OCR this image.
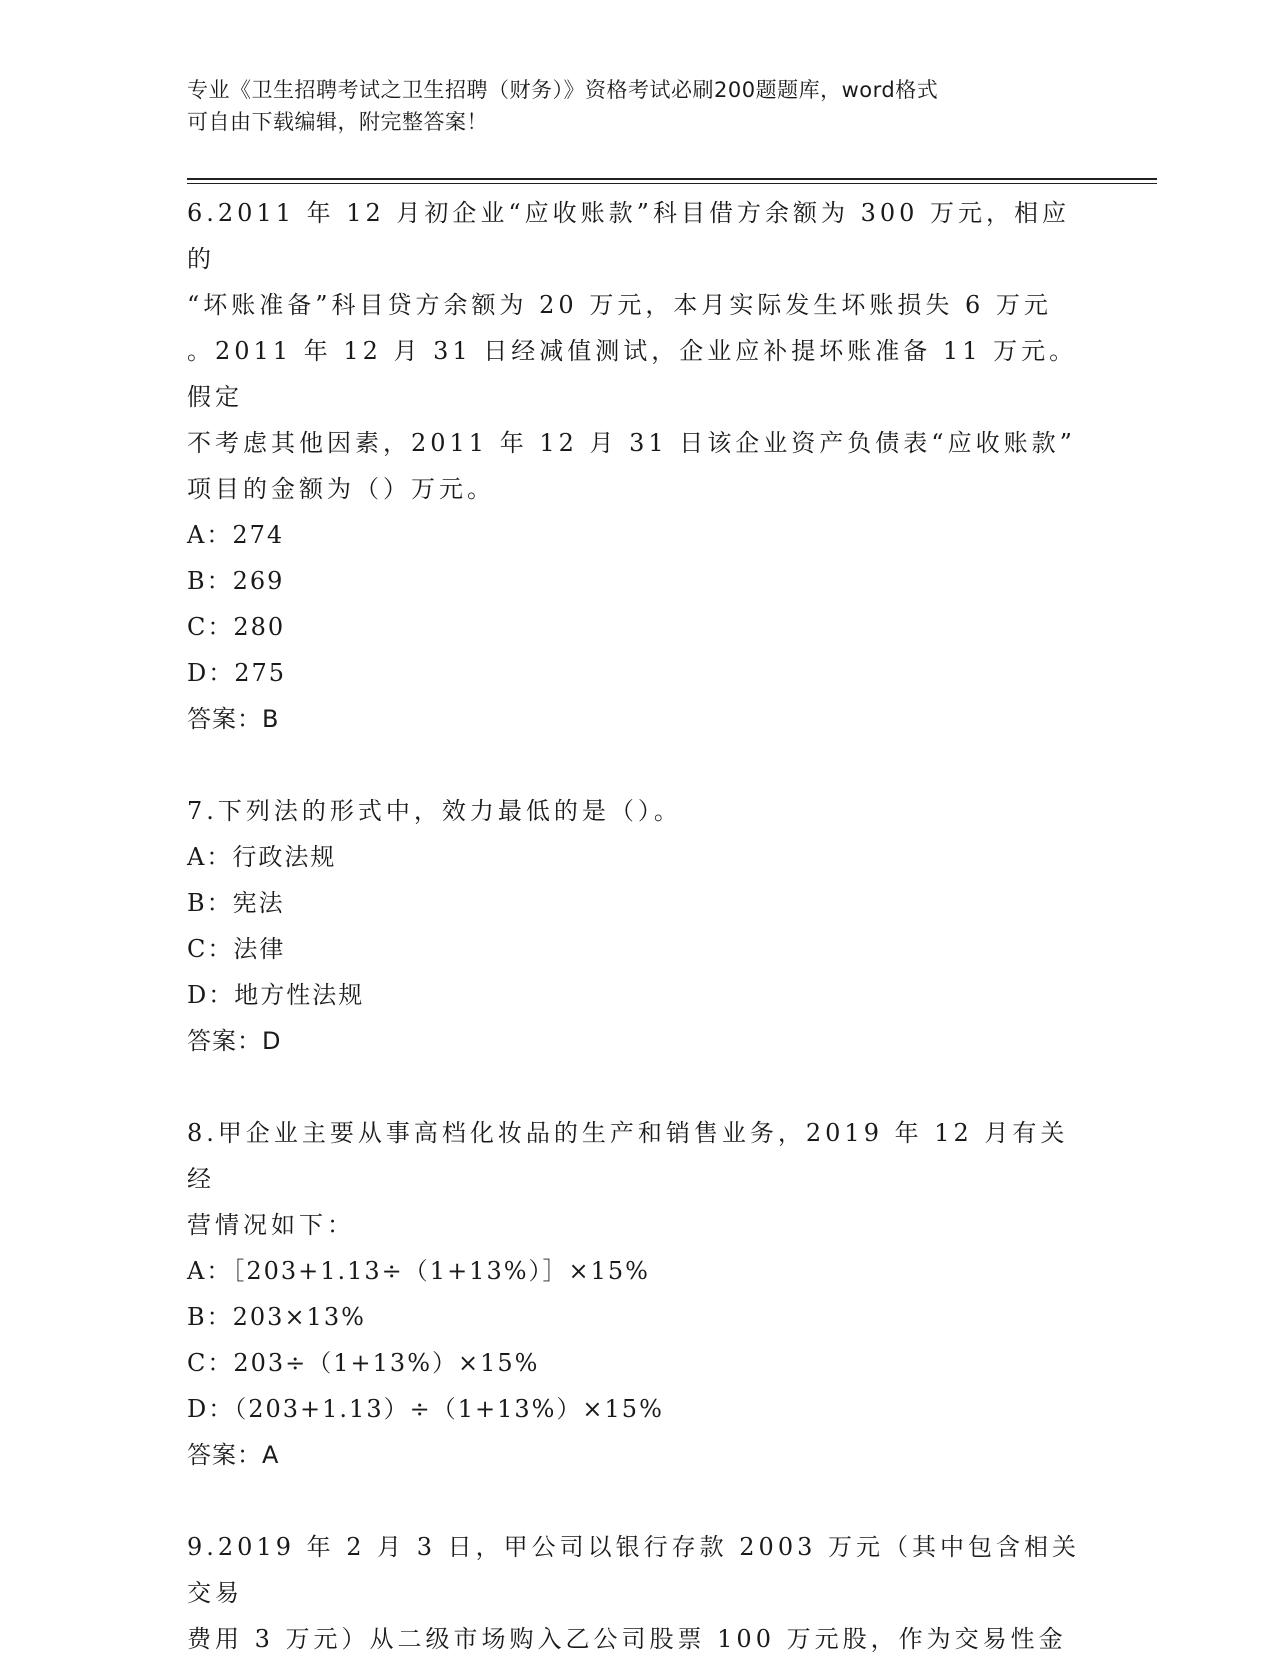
专业《卫生招聘考试之卫生招聘（财务）》资格考试必刷200题题库，word格式
可自由下载编辑，附完整答案！
6.2011 年 12 月初企业“应收账款”科目借方余额为 300 万元，相应的
“坏账准备”科目贷方余额为 20 万元，本月实际发生坏账损失 6 万元
。2011 年 12 月 31 日经减值测试，企业应补提坏账准备 11 万元。假定
不考虑其他因素，2011 年 12 月 31 日该企业资产负债表“应收账款”
项目的金额为（）万元。
A：274
B：269
C：280
D：275
答案：B
7.下列法的形式中，效力最低的是（）。
A：行政法规
B：宪法
C：法律
D：地方性法规
答案：D
8.甲企业主要从事高档化妆品的生产和销售业务，2019 年 12 月有关经
营情况如下：
A：［203+1.13÷（1+13%）］×15%
B：203×13%
C：203÷（1+13%）×15%
D：（203+1.13）÷（1+13%）×15%
答案：A
9.2019 年 2 月 3 日，甲公司以银行存款 2003 万元（其中包含相关交易
费用 3 万元）从二级市场购入乙公司股票 100 万元股，作为交易性金
